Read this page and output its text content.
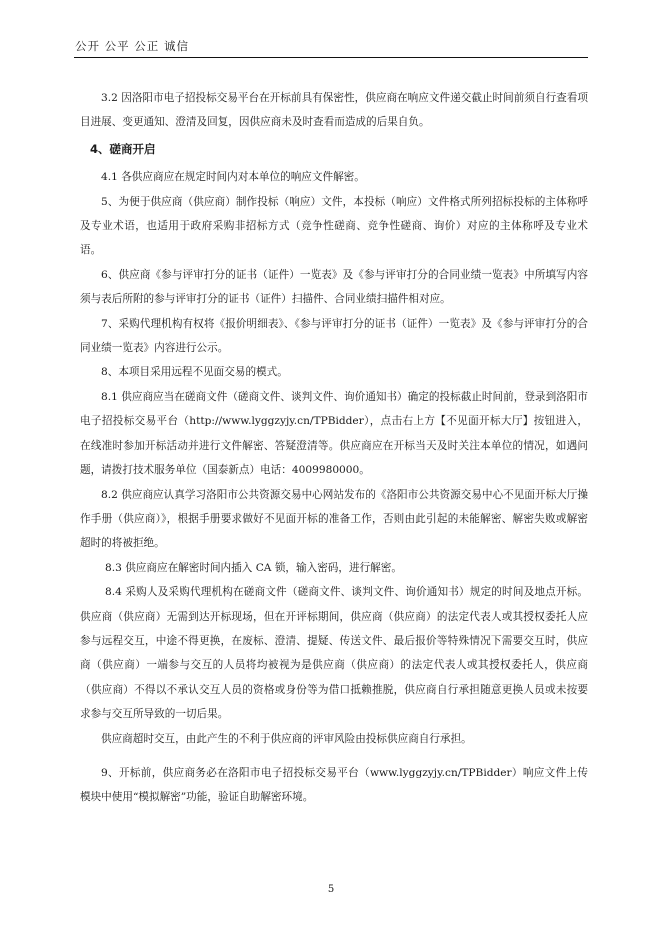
公开 公平 公正 诚信

3.2 因洛阳市电子招投标交易平台在开标前具有保密性，供应商在响应文件递交截止时间前须自行查看项目进展、变更通知、澄清及回复，因供应商未及时查看而造成的后果自负。

4、磋商开启

4.1 各供应商应在规定时间内对本单位的响应文件解密。

5、为便于供应商（供应商）制作投标（响应）文件，本投标（响应）文件格式所列招标投标的主体称呼及专业术语，也适用于政府采购非招标方式（竞争性磋商、竞争性磋商、询价）对应的主体称呼及专业术语。

6、供应商《参与评审打分的证书（证件）一览表》及《参与评审打分的合同业绩一览表》中所填写内容须与表后所附的参与评审打分的证书（证件）扫描件、合同业绩扫描件相对应。

7、采购代理机构有权将《报价明细表》、《参与评审打分的证书（证件）一览表》及《参与评审打分的合同业绩一览表》内容进行公示。

8、本项目采用远程不见面交易的模式。

8.1 供应商应当在磋商文件（磋商文件、谈判文件、询价通知书）确定的投标截止时间前，登录到洛阳市电子招投标交易平台（http://www.lyggzyjy.cn/TPBidder），点击右上方【不见面开标大厅】按钮进入，在线准时参加开标活动并进行文件解密、答疑澄清等。供应商应在开标当天及时关注本单位的情况，如遇问题，请拨打技术服务单位（国泰新点）电话：4009980000。

8.2 供应商应认真学习洛阳市公共资源交易中心网站发布的《洛阳市公共资源交易中心不见面开标大厅操作手册（供应商）》，根据手册要求做好不见面开标的准备工作，否则由此引起的未能解密、解密失败或解密超时的将被拒绝。

8.3 供应商应在解密时间内插入 CA 锁，输入密码，进行解密。

8.4 采购人及采购代理机构在磋商文件（磋商文件、谈判文件、询价通知书）规定的时间及地点开标。供应商（供应商）无需到达开标现场，但在开评标期间，供应商（供应商）的法定代表人或其授权委托人应参与远程交互，中途不得更换，在废标、澄清、提疑、传送文件、最后报价等特殊情况下需要交互时，供应商（供应商）一端参与交互的人员将均被视为是供应商（供应商）的法定代表人或其授权委托人，供应商（供应商）不得以不承认交互人员的资格或身份等为借口抵赖推脱，供应商自行承担随意更换人员或未按要求参与交互所导致的一切后果。

供应商超时交互，由此产生的不利于供应商的评审风险由投标供应商自行承担。

9、开标前，供应商务必在洛阳市电子招投标交易平台（www.lyggzyjy.cn/TPBidder）响应文件上传模块中使用“模拟解密”功能，验证自助解密环境。

5
